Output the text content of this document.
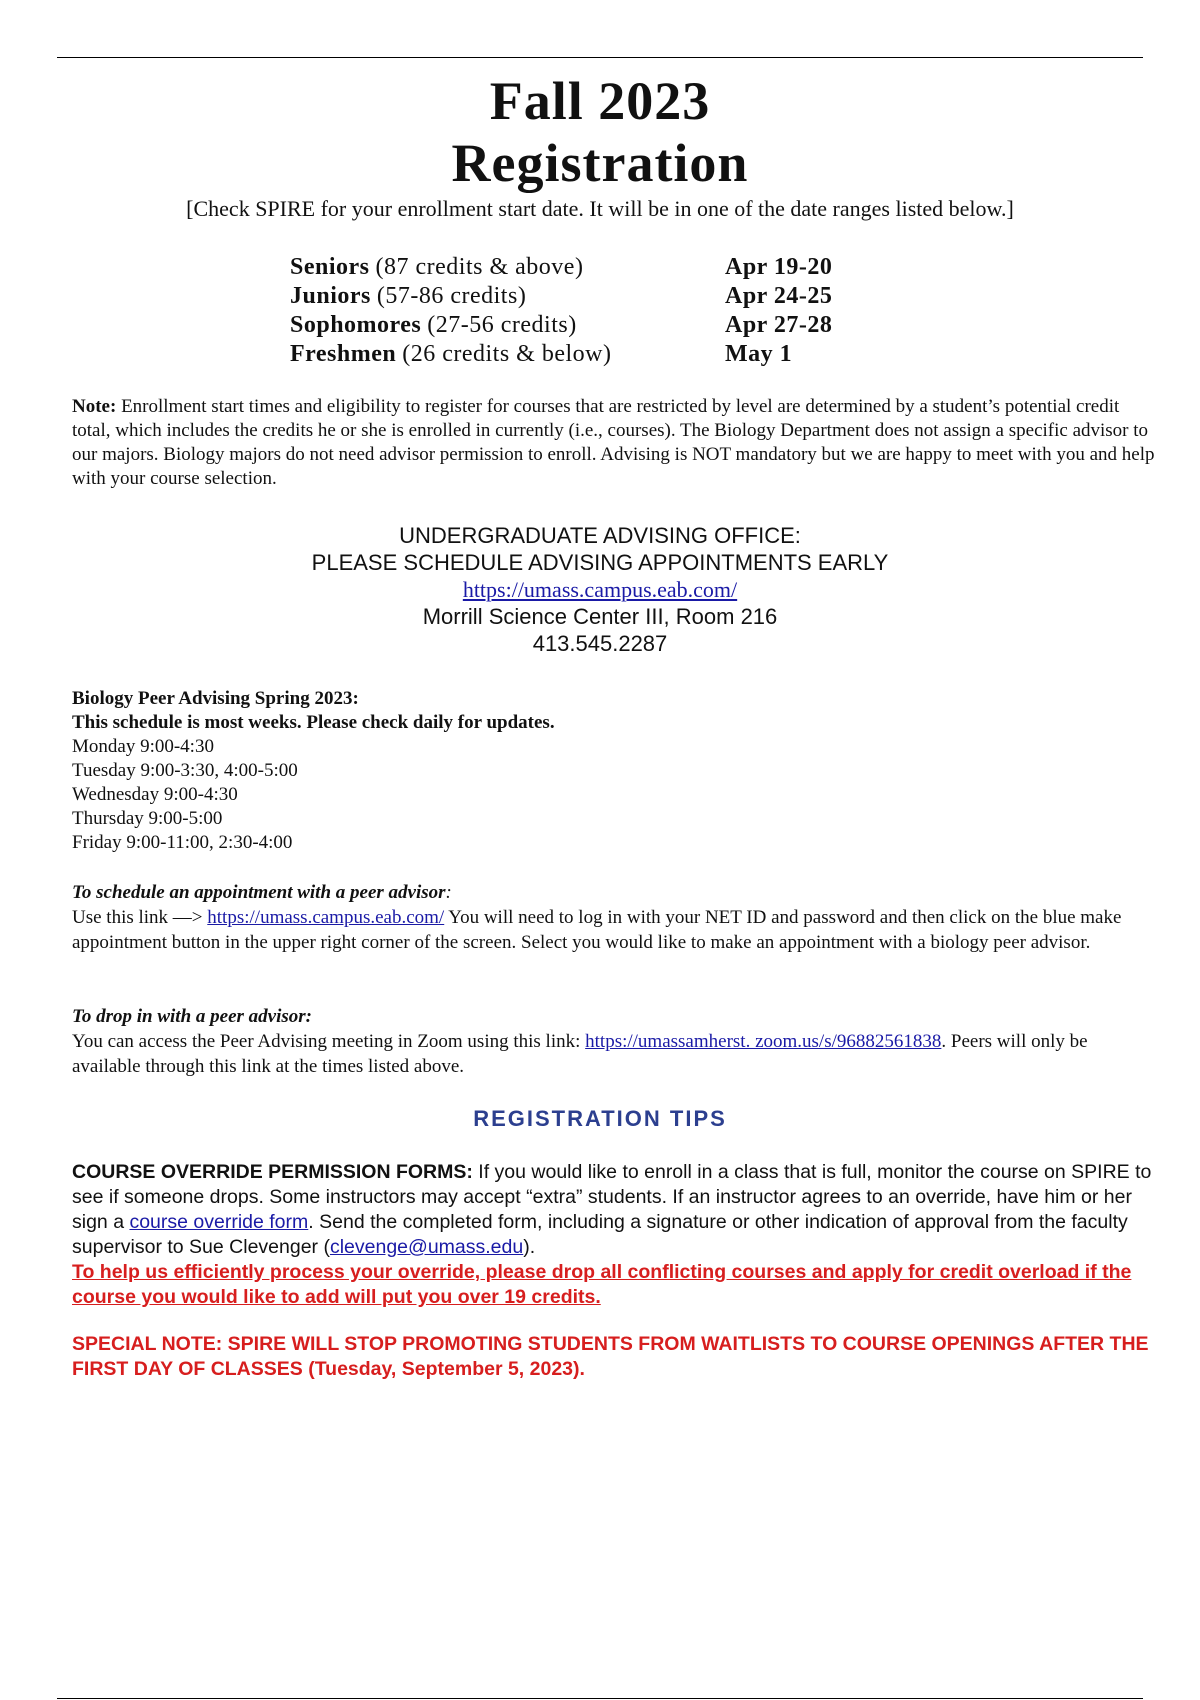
Fall 2023
Registration
[Check SPIRE for your enrollment start date. It will be in one of the date ranges listed below.]
Seniors (87 credits & above)	Apr 19-20
Juniors (57-86 credits)	Apr 24-25
Sophomores (27-56 credits)	Apr 27-28
Freshmen (26 credits & below)	May 1

Note: Enrollment start times and eligibility to register for courses that are restricted by level are determined by a student’s potential credit total, which includes the credits he or she is enrolled in currently (i.e., courses). The Biology Department does not assign a specific advisor to our majors. Biology majors do not need advisor permission to enroll. Advising is NOT mandatory but we are happy to meet with you and help with your course selection.

UNDERGRADUATE ADVISING OFFICE:
PLEASE SCHEDULE ADVISING APPOINTMENTS EARLY
https://umass.campus.eab.com/
Morrill Science Center III, Room 216
413.545.2287

Biology Peer Advising Spring 2023:

This schedule is most weeks. Please check daily for updates.

Monday 9:00-4:30

Tuesday 9:00-3:30, 4:00-5:00

Wednesday 9:00-4:30

Thursday 9:00-5:00

Friday 9:00-11:00, 2:30-4:00

To schedule an appointment with a peer advisor:

Use this link —> https://umass.campus.eab.com/ You will need to log in with your NET ID and password and then click on the blue make appointment button in the upper right corner of the screen. Select you would like to make an appointment with a biology peer advisor.

To drop in with a peer advisor:

You can access the Peer Advising meeting in Zoom using this link: https://umassamherst. zoom.us/s/96882561838. Peers will only be available through this link at the times listed above.

REGISTRATION TIPS

COURSE OVERRIDE PERMISSION FORMS: If you would like to enroll in a class that is full, monitor the course on SPIRE to see if someone drops. Some instructors may accept “extra” students. If an instructor agrees to an override, have him or her sign a course override form. Send the completed form, including a signature or other indication of approval from the faculty supervisor to Sue Clevenger (clevenge@umass.edu).

To help us efficiently process your override, please drop all conflicting courses and apply for credit overload if the course you would like to add will put you over 19 credits.

SPECIAL NOTE: SPIRE WILL STOP PROMOTING STUDENTS FROM WAITLISTS TO COURSE OPENINGS AFTER THE FIRST DAY OF CLASSES (Tuesday, September 5, 2023).
